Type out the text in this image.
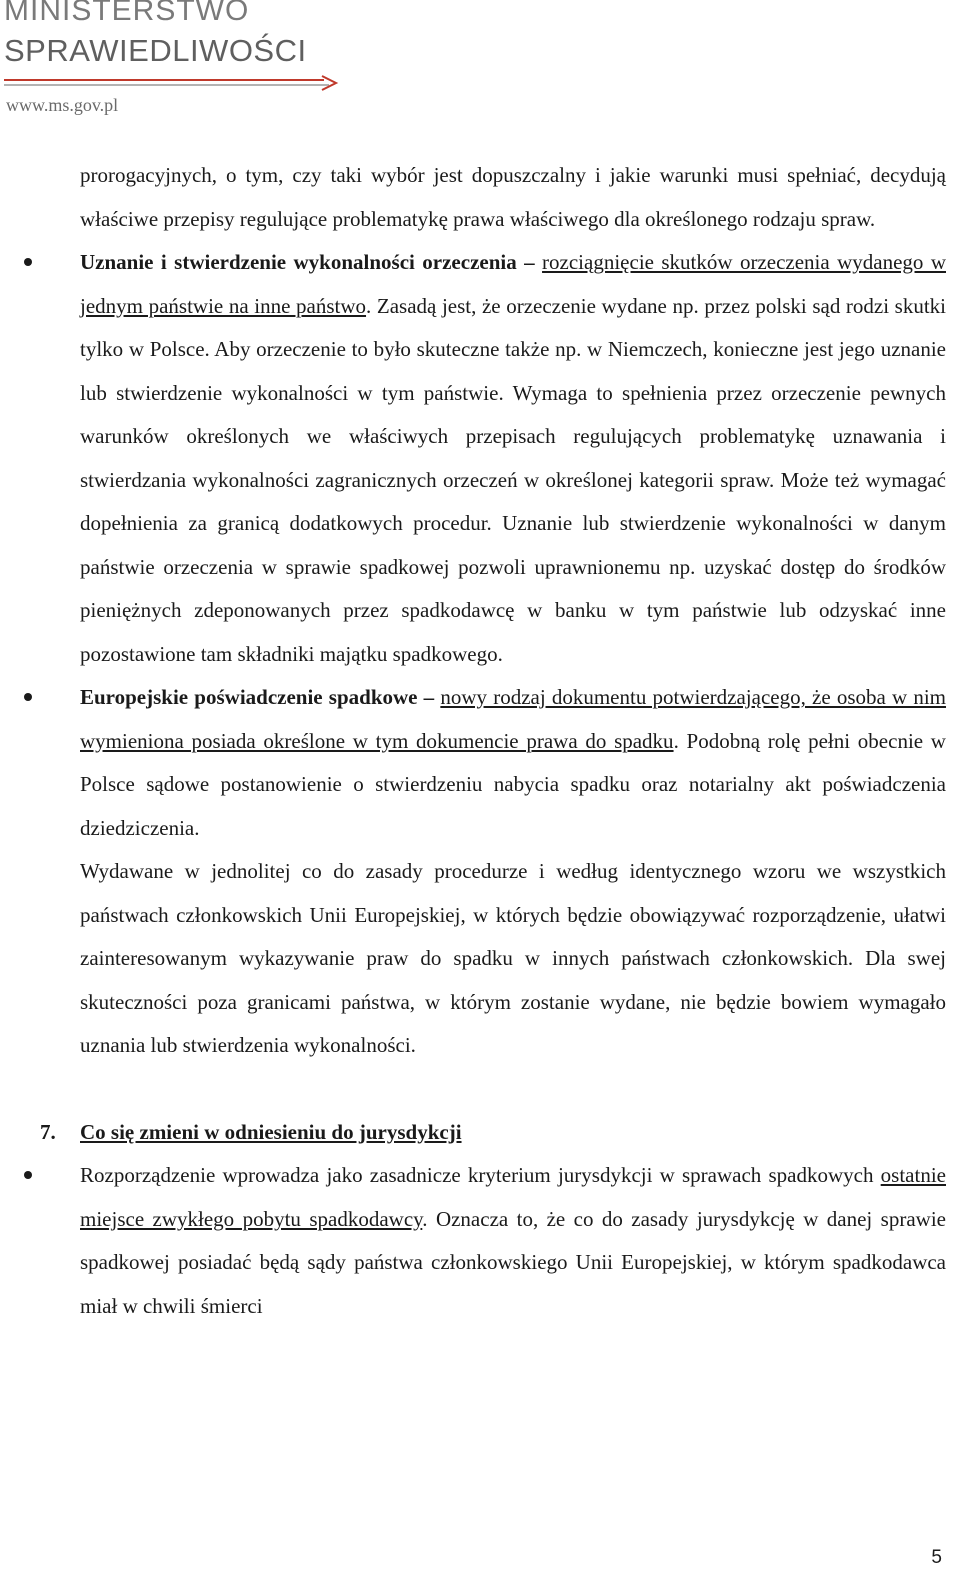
MINISTERSTWO

SPRAWIEDLIWOŚCI

www.ms.gov.pl

prorogacyjnych, o tym, czy taki wybór jest dopuszczalny i jakie warunki musi spełniać, decydują właściwe przepisy regulujące problematykę prawa właściwego dla określonego rodzaju spraw.

Uznanie i stwierdzenie wykonalności orzeczenia – rozciągnięcie skutków orzeczenia wydanego w jednym państwie na inne państwo. Zasadą jest, że orzeczenie wydane np. przez polski sąd rodzi skutki tylko w Polsce. Aby orzeczenie to było skuteczne także np. w Niemczech, konieczne jest jego uznanie lub stwierdzenie wykonalności w tym państwie. Wymaga to spełnienia przez orzeczenie pewnych warunków określonych we właściwych przepisach regulujących problematykę uznawania i stwierdzania wykonalności zagranicznych orzeczeń w określonej kategorii spraw. Może też wymagać dopełnienia za granicą dodatkowych procedur. Uznanie lub stwierdzenie wykonalności w danym państwie orzeczenia w sprawie spadkowej pozwoli uprawnionemu np. uzyskać dostęp do środków pieniężnych zdeponowanych przez spadkodawcę w banku w tym państwie lub odzyskać inne pozostawione tam składniki majątku spadkowego.

Europejskie poświadczenie spadkowe – nowy rodzaj dokumentu potwierdzającego, że osoba w nim wymieniona posiada określone w tym dokumencie prawa do spadku. Podobną rolę pełni obecnie w Polsce sądowe postanowienie o stwierdzeniu nabycia spadku oraz notarialny akt poświadczenia dziedziczenia.

Wydawane w jednolitej co do zasady procedurze i według identycznego wzoru we wszystkich państwach członkowskich Unii Europejskiej, w których będzie obowiązywać rozporządzenie, ułatwi zainteresowanym wykazywanie praw do spadku w innych państwach członkowskich. Dla swej skuteczności poza granicami państwa, w którym zostanie wydane, nie będzie bowiem wymagało uznania lub stwierdzenia wykonalności.

7. Co się zmieni w odniesieniu do jurysdykcji

Rozporządzenie wprowadza jako zasadnicze kryterium jurysdykcji w sprawach spadkowych ostatnie miejsce zwykłego pobytu spadkodawcy. Oznacza to, że co do zasady jurysdykcję w danej sprawie spadkowej posiadać będą sądy państwa członkowskiego Unii Europejskiej, w którym spadkodawca miał w chwili śmierci

5
